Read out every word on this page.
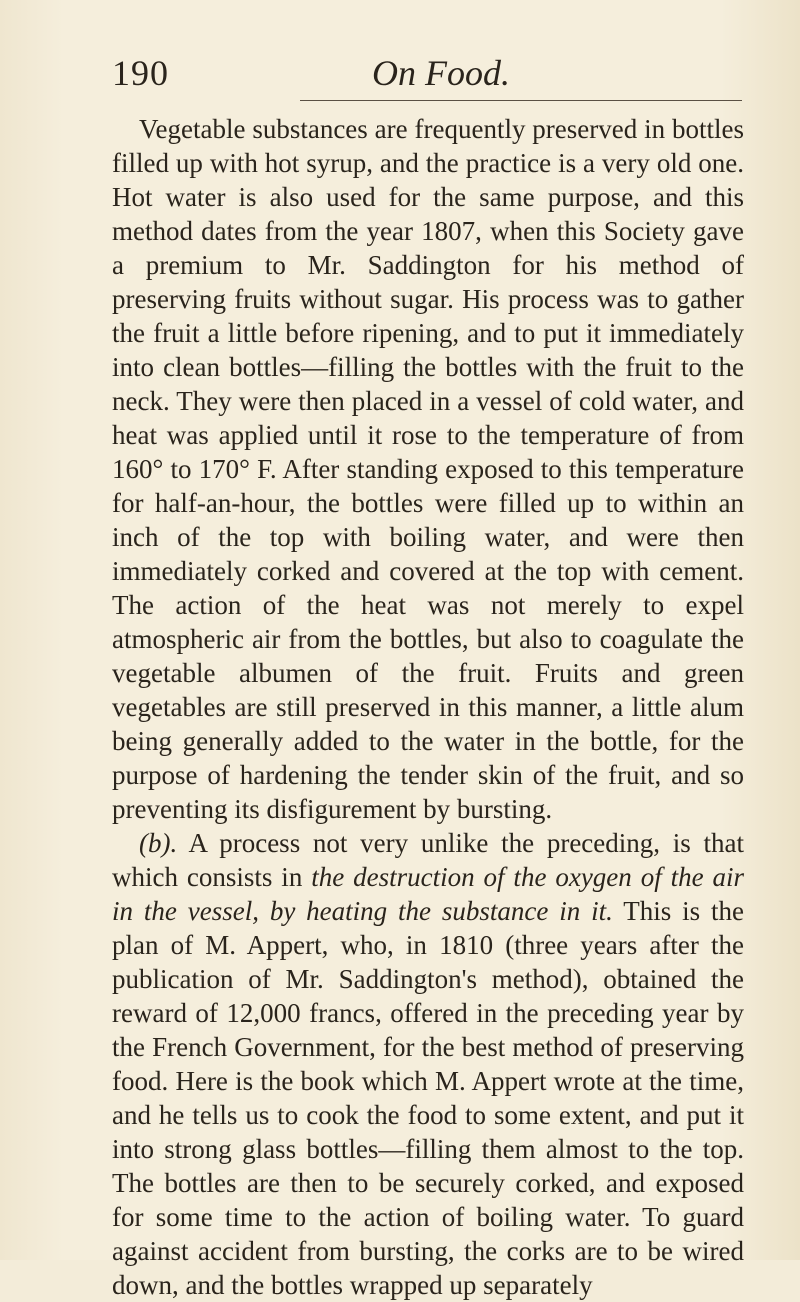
190	On Food.

Vegetable substances are frequently preserved in bottles filled up with hot syrup, and the practice is a very old one. Hot water is also used for the same purpose, and this method dates from the year 1807, when this Society gave a premium to Mr. Saddington for his method of preserving fruits without sugar. His process was to gather the fruit a little before ripening, and to put it immediately into clean bottles—filling the bottles with the fruit to the neck. They were then placed in a vessel of cold water, and heat was applied until it rose to the temperature of from 160° to 170° F. After standing exposed to this temperature for half-an-hour, the bottles were filled up to within an inch of the top with boiling water, and were then immediately corked and covered at the top with cement. The action of the heat was not merely to expel atmospheric air from the bottles, but also to coagulate the vegetable albumen of the fruit. Fruits and green vegetables are still preserved in this manner, a little alum being generally added to the water in the bottle, for the purpose of hardening the tender skin of the fruit, and so preventing its disfigurement by bursting.

(b). A process not very unlike the preceding, is that which consists in the destruction of the oxygen of the air in the vessel, by heating the substance in it. This is the plan of M. Appert, who, in 1810 (three years after the publication of Mr. Saddington's method), obtained the reward of 12,000 francs, offered in the preceding year by the French Government, for the best method of preserving food. Here is the book which M. Appert wrote at the time, and he tells us to cook the food to some extent, and put it into strong glass bottles—filling them almost to the top. The bottles are then to be securely corked, and exposed for some time to the action of boiling water. To guard against accident from bursting, the corks are to be wired down, and the bottles wrapped up separately
